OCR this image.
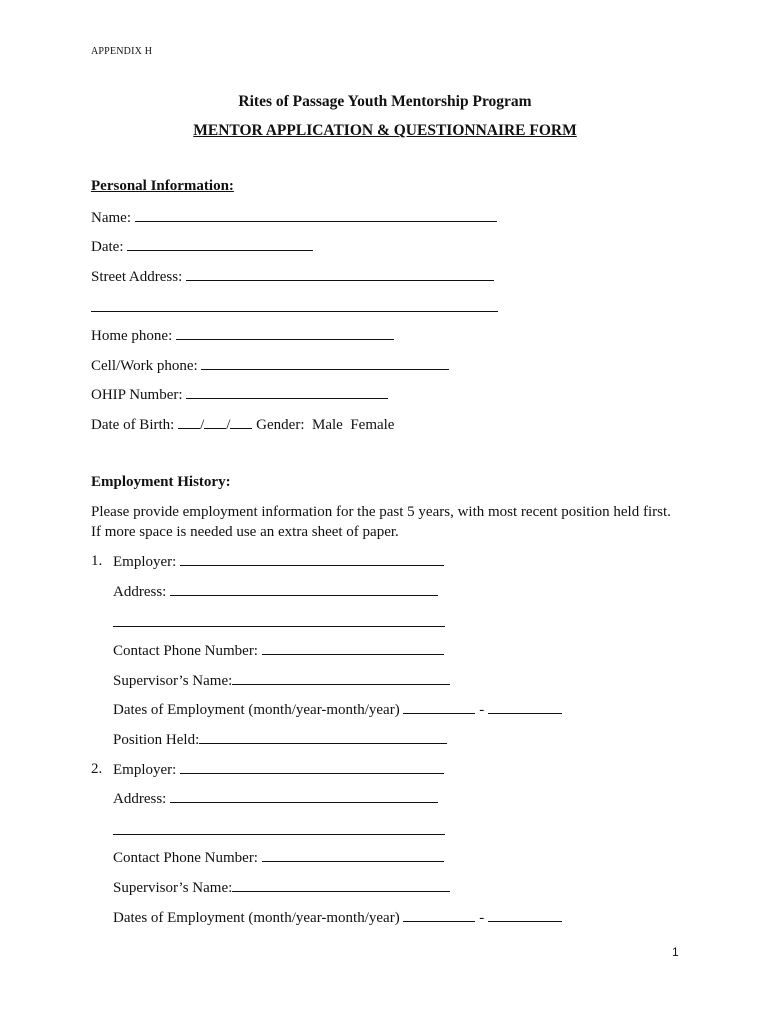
APPENDIX H
Rites of Passage Youth Mentorship Program
MENTOR APPLICATION & QUESTIONNAIRE FORM
Personal Information:
Name:
Date:
Street Address:
Home phone:
Cell/Work phone:
OHIP Number:
Date of Birth: / / Gender: Male Female
Employment History:
Please provide employment information for the past 5 years, with most recent position held first.
If more space is needed use an extra sheet of paper.
1. Employer:
Address:
Contact Phone Number:
Supervisor’s Name:
Dates of Employment (month/year-month/year)	-
Position Held:
2. Employer:
Address:
Contact Phone Number:
Supervisor’s Name:
Dates of Employment (month/year-month/year)	-
1
